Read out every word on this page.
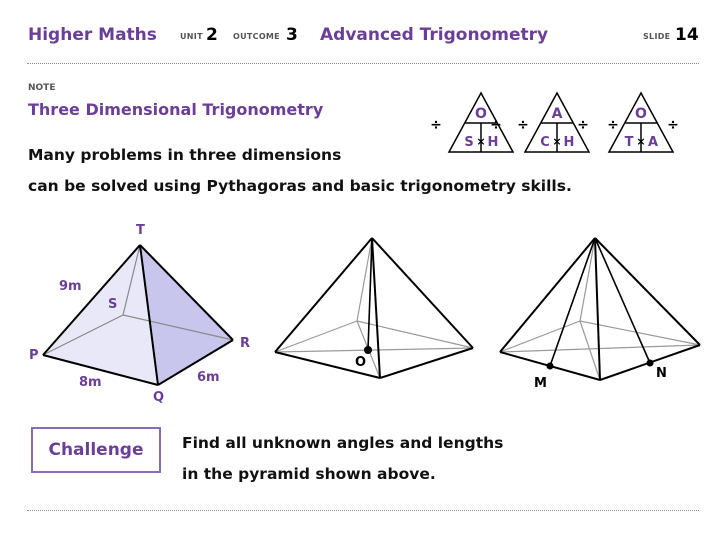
Higher Maths	UNIT 2 OUTCOME 3 Advanced Trigonometry	SLIDE 14
NOTE
Three Dimensional Trigonometry
Many problems in three dimensions
can be solved using Pythagoras and basic trigonometry skills.
O
S × H
÷	÷
A
C × H
÷	÷
O
T × A
÷	÷
T
S
P
R
Q
9m
8m	6m
O
M
N
Challenge	Find all unknown angles and lengths
in the pyramid shown above.
